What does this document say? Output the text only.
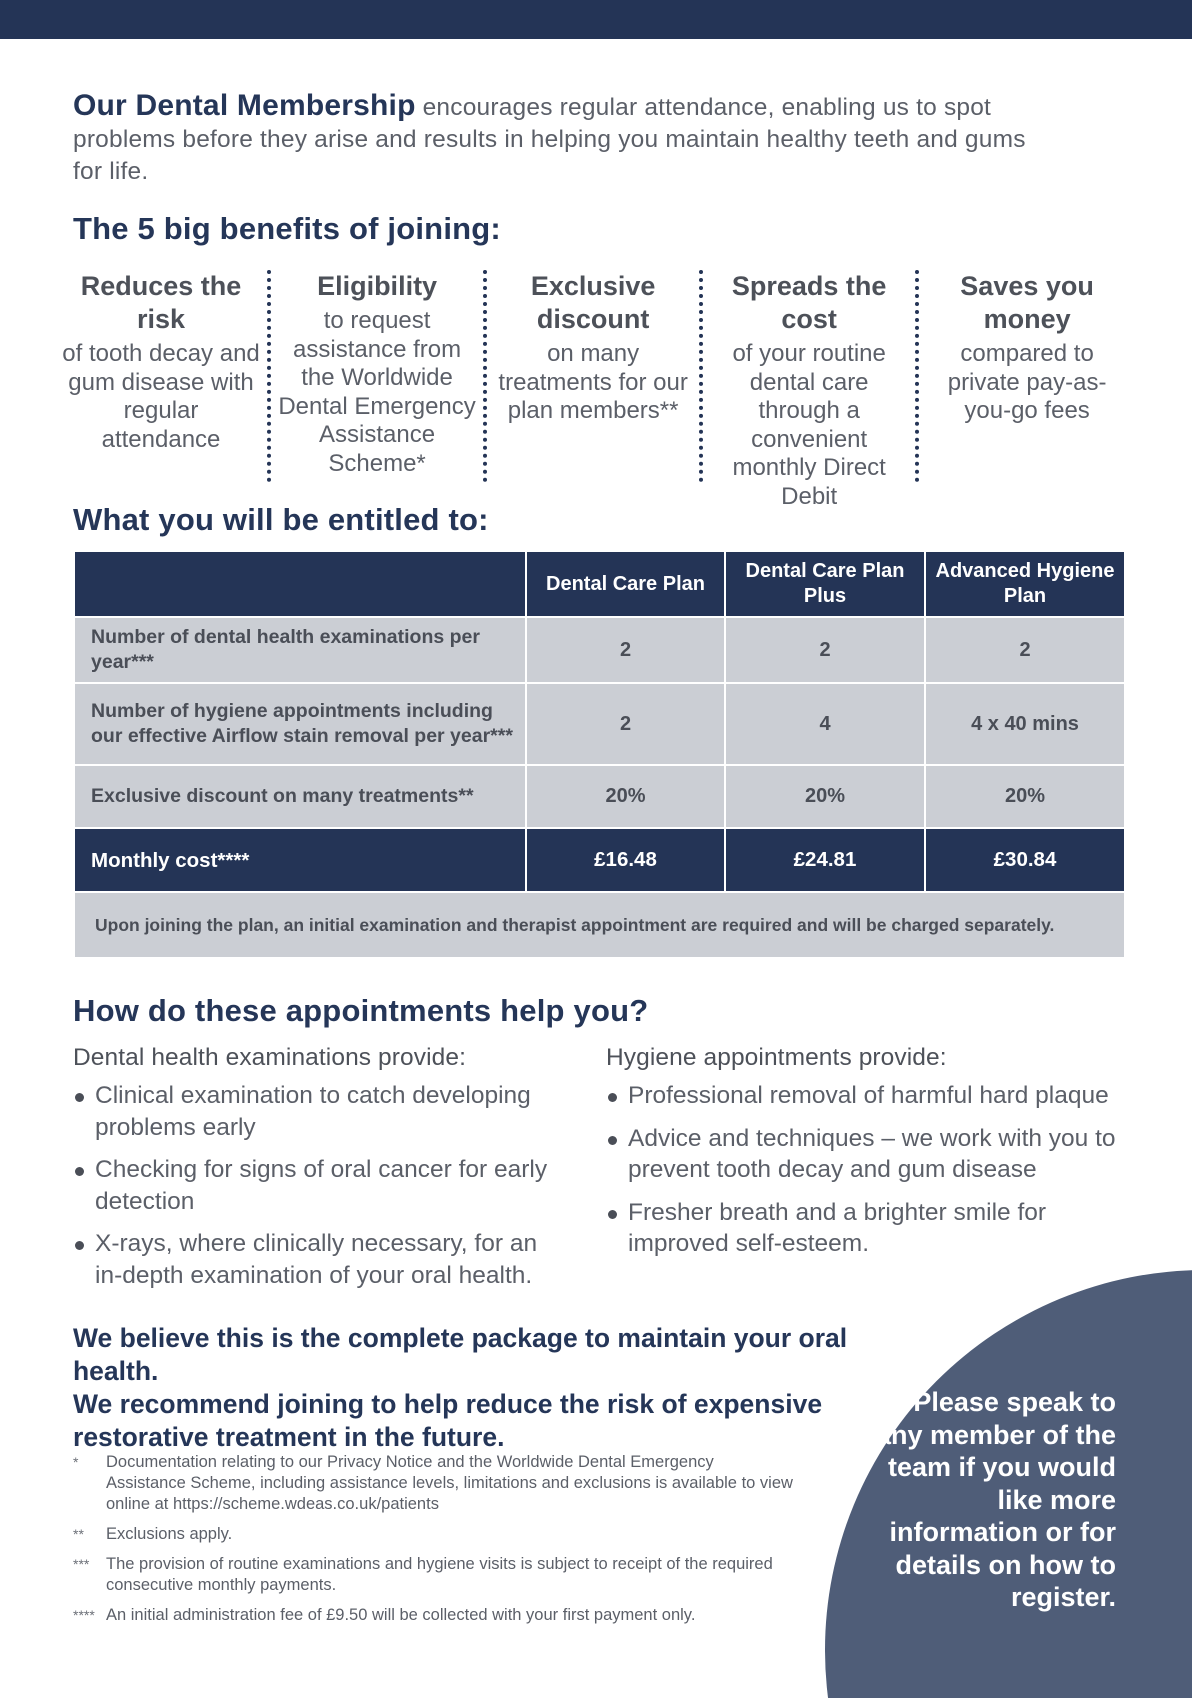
Our Dental Membership encourages regular attendance, enabling us to spot problems before they arise and results in helping you maintain healthy teeth and gums for life.

The 5 big benefits of joining:
Reduces the risk
of tooth decay and gum disease with regular attendance
Eligibility
to request assistance from the Worldwide Dental Emergency Assistance Scheme*
Exclusive discount
on many treatments for our plan members**
Spreads the cost
of your routine dental care through a convenient monthly Direct Debit
Saves you money
compared to private pay-as-you-go fees
What you will be entitled to:
	Dental Care Plan	Dental Care Plan Plus	Advanced Hygiene Plan
Number of dental health examinations per year***	2	2	2
Number of hygiene appointments including our effective Airflow stain removal per year***	2	4	4 x 40 mins
Exclusive discount on many treatments**	20%	20%	20%
Monthly cost****	£16.48	£24.81	£30.84
Upon joining the plan, an initial examination and therapist appointment are required and will be charged separately.			
How do these appointments help you?
Dental health examinations provide:
Clinical examination to catch developing problems early
Checking for signs of oral cancer for early detection
X-rays, where clinically necessary, for an in-depth examination of your oral health.
Hygiene appointments provide:
Professional removal of harmful hard plaque
Advice and techniques – we work with you to prevent tooth decay and gum disease
Fresher breath and a brighter smile for improved self-esteem.
We believe this is the complete package to maintain your oral health.
We recommend joining to help reduce the risk of expensive restorative treatment in the future.
*	Documentation relating to our Privacy Notice and the Worldwide Dental Emergency Assistance Scheme, including assistance levels, limitations and exclusions is available to view online at https://scheme.wdeas.co.uk/patients
**	Exclusions apply.
***	The provision of routine examinations and hygiene visits is subject to receipt of the required consecutive monthly payments.
**** An initial administration fee of £9.50 will be collected with your first payment only.
Please speak to any member of the team if you would like more information or for details on how to register.
